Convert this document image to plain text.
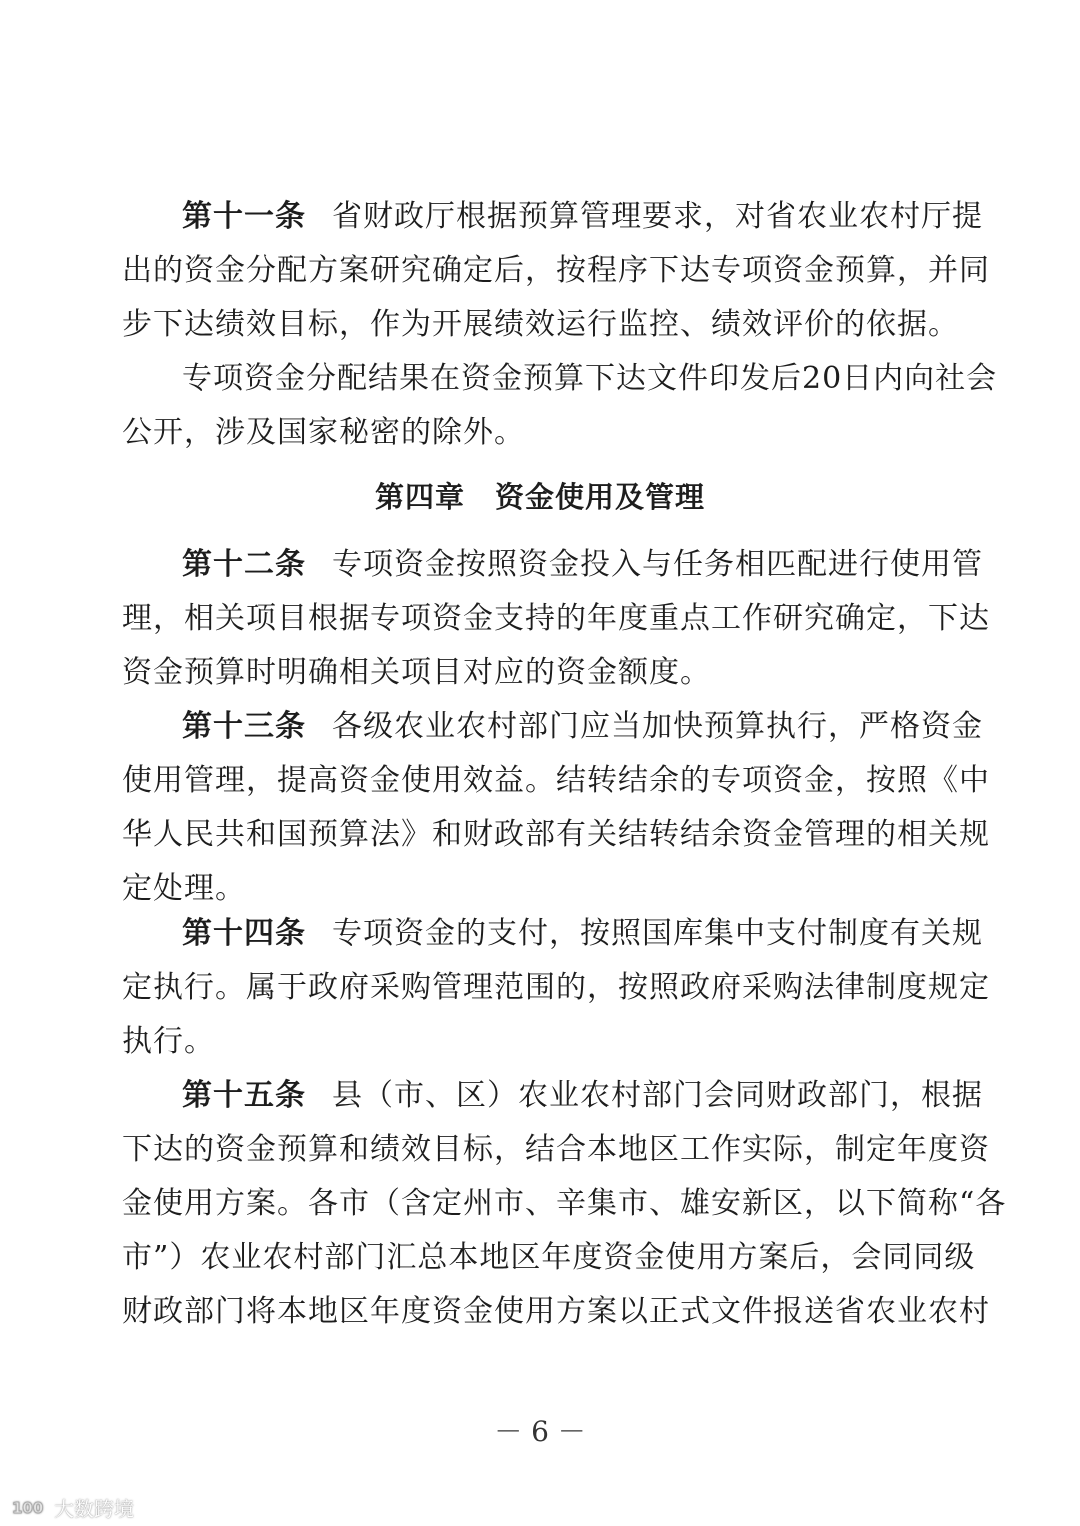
第十一条 省财政厅根据预算管理要求，对省农业农村厅提
出的资金分配方案研究确定后，按程序下达专项资金预算，并同
步下达绩效目标，作为开展绩效运行监控、绩效评价的依据。
专项资金分配结果在资金预算下达文件印发后20日内向社会
公开，涉及国家秘密的除外。
第四章 资金使用及管理
第十二条 专项资金按照资金投入与任务相匹配进行使用管
理，相关项目根据专项资金支持的年度重点工作研究确定，下达
资金预算时明确相关项目对应的资金额度。
第十三条 各级农业农村部门应当加快预算执行，严格资金
使用管理，提高资金使用效益。结转结余的专项资金，按照《中
华人民共和国预算法》和财政部有关结转结余资金管理的相关规
定处理。
第十四条 专项资金的支付，按照国库集中支付制度有关规
定执行。属于政府采购管理范围的，按照政府采购法律制度规定
执行。
第十五条 县（市、区）农业农村部门会同财政部门，根据
下达的资金预算和绩效目标，结合本地区工作实际，制定年度资
金使用方案。各市（含定州市、辛集市、雄安新区，以下简称“各
市”）农业农村部门汇总本地区年度资金使用方案后，会同同级
财政部门将本地区年度资金使用方案以正式文件报送省农业农村
－ 6 －
100 大数跨境
